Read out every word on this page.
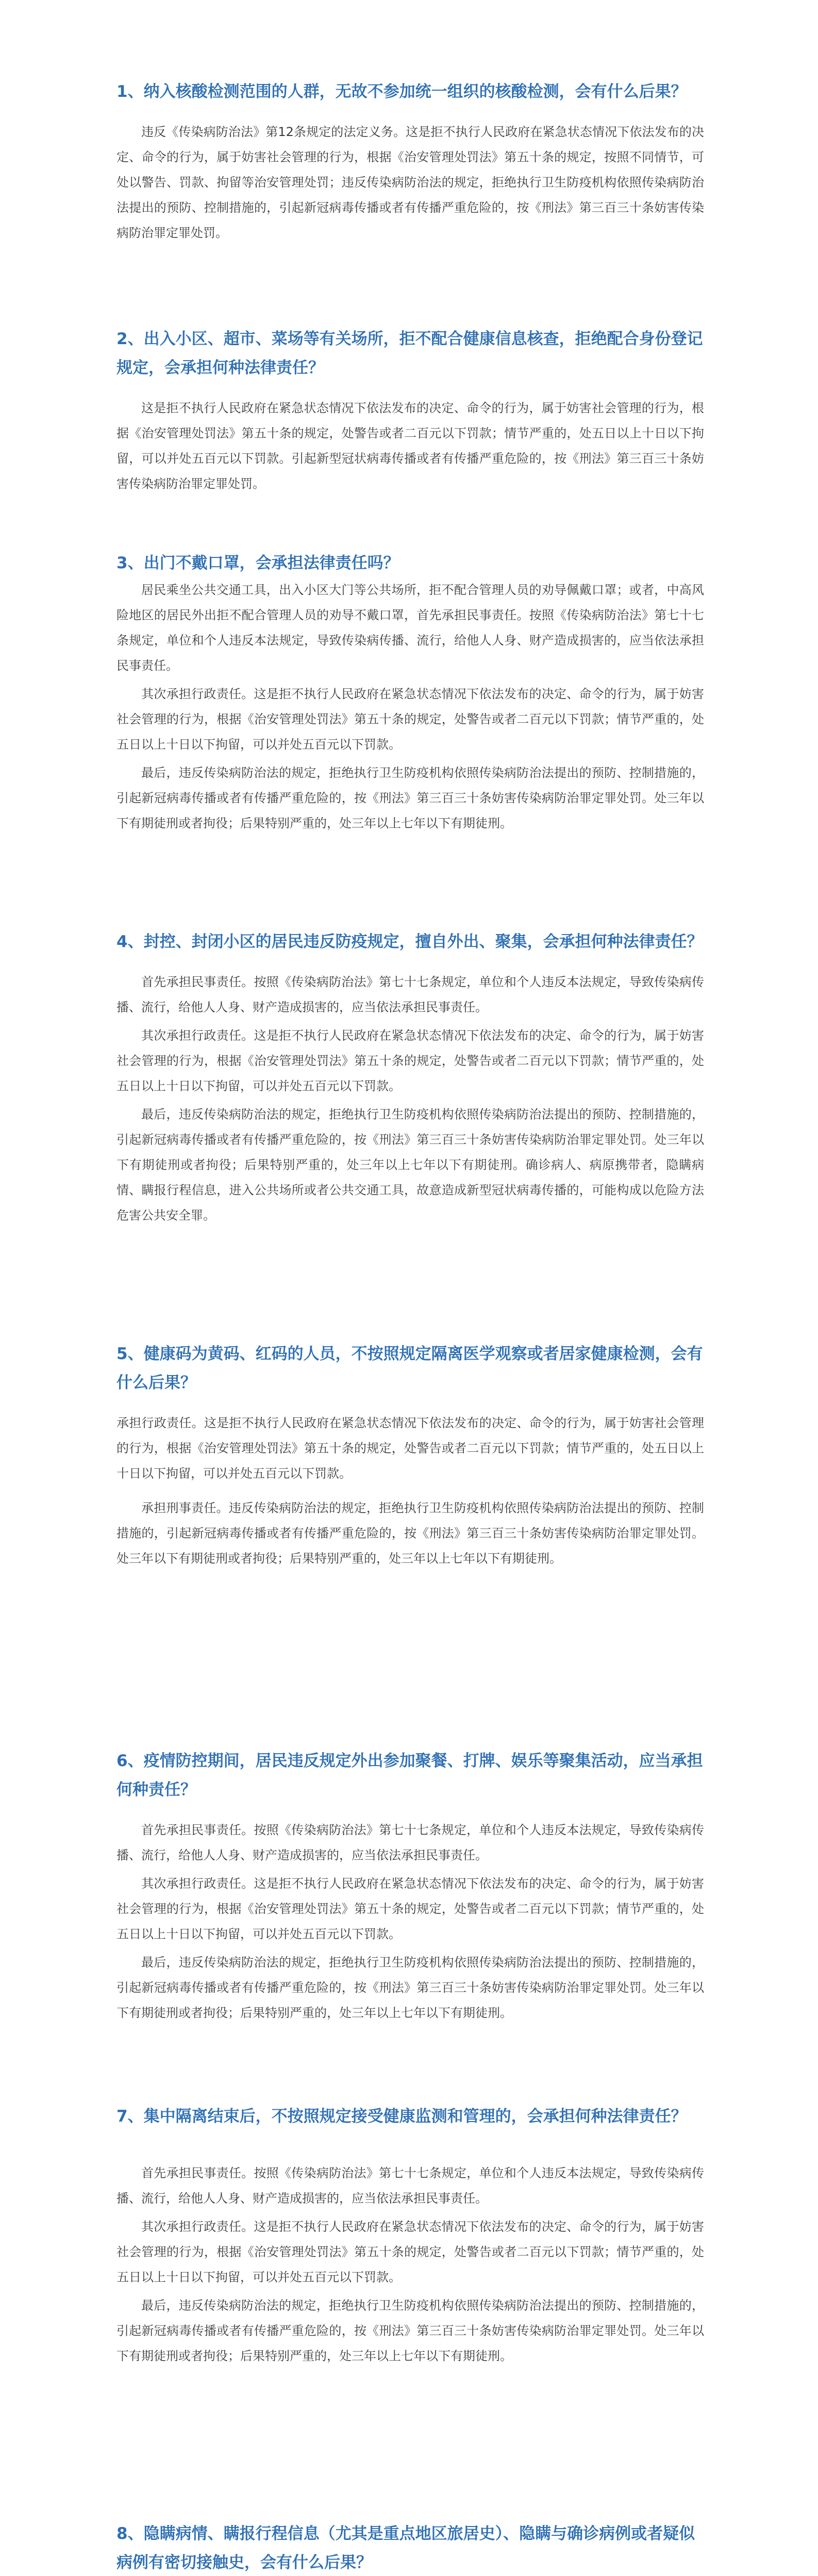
1、纳入核酸检测范围的人群，无故不参加统一组织的核酸检测，会有什么后果？

违反《传染病防治法》第12条规定的法定义务。这是拒不执行人民政府在紧急状态情况下依法发布的决定、命令的行为，属于妨害社会管理的行为，根据《治安管理处罚法》第五十条的规定，按照不同情节，可处以警告、罚款、拘留等治安管理处罚；违反传染病防治法的规定，拒绝执行卫生防疫机构依照传染病防治法提出的预防、控制措施的，引起新冠病毒传播或者有传播严重危险的，按《刑法》第三百三十条妨害传染病防治罪定罪处罚。

2、出入小区、超市、菜场等有关场所，拒不配合健康信息核查，拒绝配合身份登记规定，会承担何种法律责任？

这是拒不执行人民政府在紧急状态情况下依法发布的决定、命令的行为，属于妨害社会管理的行为，根据《治安管理处罚法》第五十条的规定，处警告或者二百元以下罚款；情节严重的，处五日以上十日以下拘留，可以并处五百元以下罚款。引起新型冠状病毒传播或者有传播严重危险的，按《刑法》第三百三十条妨害传染病防治罪定罪处罚。

3、出门不戴口罩，会承担法律责任吗？

居民乘坐公共交通工具，出入小区大门等公共场所，拒不配合管理人员的劝导佩戴口罩；或者，中高风险地区的居民外出拒不配合管理人员的劝导不戴口罩，首先承担民事责任。按照《传染病防治法》第七十七条规定，单位和个人违反本法规定，导致传染病传播、流行，给他人人身、财产造成损害的，应当依法承担民事责任。

其次承担行政责任。这是拒不执行人民政府在紧急状态情况下依法发布的决定、命令的行为，属于妨害社会管理的行为，根据《治安管理处罚法》第五十条的规定，处警告或者二百元以下罚款；情节严重的，处五日以上十日以下拘留，可以并处五百元以下罚款。

最后，违反传染病防治法的规定，拒绝执行卫生防疫机构依照传染病防治法提出的预防、控制措施的，引起新冠病毒传播或者有传播严重危险的，按《刑法》第三百三十条妨害传染病防治罪定罪处罚。处三年以下有期徒刑或者拘役；后果特别严重的，处三年以上七年以下有期徒刑。

4、封控、封闭小区的居民违反防疫规定，擅自外出、聚集，会承担何种法律责任？

首先承担民事责任。按照《传染病防治法》第七十七条规定，单位和个人违反本法规定，导致传染病传播、流行，给他人人身、财产造成损害的，应当依法承担民事责任。

其次承担行政责任。这是拒不执行人民政府在紧急状态情况下依法发布的决定、命令的行为，属于妨害社会管理的行为，根据《治安管理处罚法》第五十条的规定，处警告或者二百元以下罚款；情节严重的，处五日以上十日以下拘留，可以并处五百元以下罚款。

最后，违反传染病防治法的规定，拒绝执行卫生防疫机构依照传染病防治法提出的预防、控制措施的，引起新冠病毒传播或者有传播严重危险的，按《刑法》第三百三十条妨害传染病防治罪定罪处罚。处三年以下有期徒刑或者拘役；后果特别严重的，处三年以上七年以下有期徒刑。确诊病人、病原携带者，隐瞒病情、瞒报行程信息，进入公共场所或者公共交通工具，故意造成新型冠状病毒传播的，可能构成以危险方法危害公共安全罪。

5、健康码为黄码、红码的人员，不按照规定隔离医学观察或者居家健康检测，会有什么后果？

承担行政责任。这是拒不执行人民政府在紧急状态情况下依法发布的决定、命令的行为，属于妨害社会管理的行为，根据《治安管理处罚法》第五十条的规定，处警告或者二百元以下罚款；情节严重的，处五日以上十日以下拘留，可以并处五百元以下罚款。

承担刑事责任。违反传染病防治法的规定，拒绝执行卫生防疫机构依照传染病防治法提出的预防、控制措施的，引起新冠病毒传播或者有传播严重危险的，按《刑法》第三百三十条妨害传染病防治罪定罪处罚。处三年以下有期徒刑或者拘役；后果特别严重的，处三年以上七年以下有期徒刑。

6、疫情防控期间，居民违反规定外出参加聚餐、打牌、娱乐等聚集活动，应当承担何种责任？

首先承担民事责任。按照《传染病防治法》第七十七条规定，单位和个人违反本法规定，导致传染病传播、流行，给他人人身、财产造成损害的，应当依法承担民事责任。

其次承担行政责任。这是拒不执行人民政府在紧急状态情况下依法发布的决定、命令的行为，属于妨害社会管理的行为，根据《治安管理处罚法》第五十条的规定，处警告或者二百元以下罚款；情节严重的，处五日以上十日以下拘留，可以并处五百元以下罚款。

最后，违反传染病防治法的规定，拒绝执行卫生防疫机构依照传染病防治法提出的预防、控制措施的，引起新冠病毒传播或者有传播严重危险的，按《刑法》第三百三十条妨害传染病防治罪定罪处罚。处三年以下有期徒刑或者拘役；后果特别严重的，处三年以上七年以下有期徒刑。

7、集中隔离结束后，不按照规定接受健康监测和管理的，会承担何种法律责任？

首先承担民事责任。按照《传染病防治法》第七十七条规定，单位和个人违反本法规定，导致传染病传播、流行，给他人人身、财产造成损害的，应当依法承担民事责任。

其次承担行政责任。这是拒不执行人民政府在紧急状态情况下依法发布的决定、命令的行为，属于妨害社会管理的行为，根据《治安管理处罚法》第五十条的规定，处警告或者二百元以下罚款；情节严重的，处五日以上十日以下拘留，可以并处五百元以下罚款。

最后，违反传染病防治法的规定，拒绝执行卫生防疫机构依照传染病防治法提出的预防、控制措施的，引起新冠病毒传播或者有传播严重危险的，按《刑法》第三百三十条妨害传染病防治罪定罪处罚。处三年以下有期徒刑或者拘役；后果特别严重的，处三年以上七年以下有期徒刑。

8、隐瞒病情、瞒报行程信息（尤其是重点地区旅居史）、隐瞒与确诊病例或者疑似病例有密切接触史，会有什么后果？
